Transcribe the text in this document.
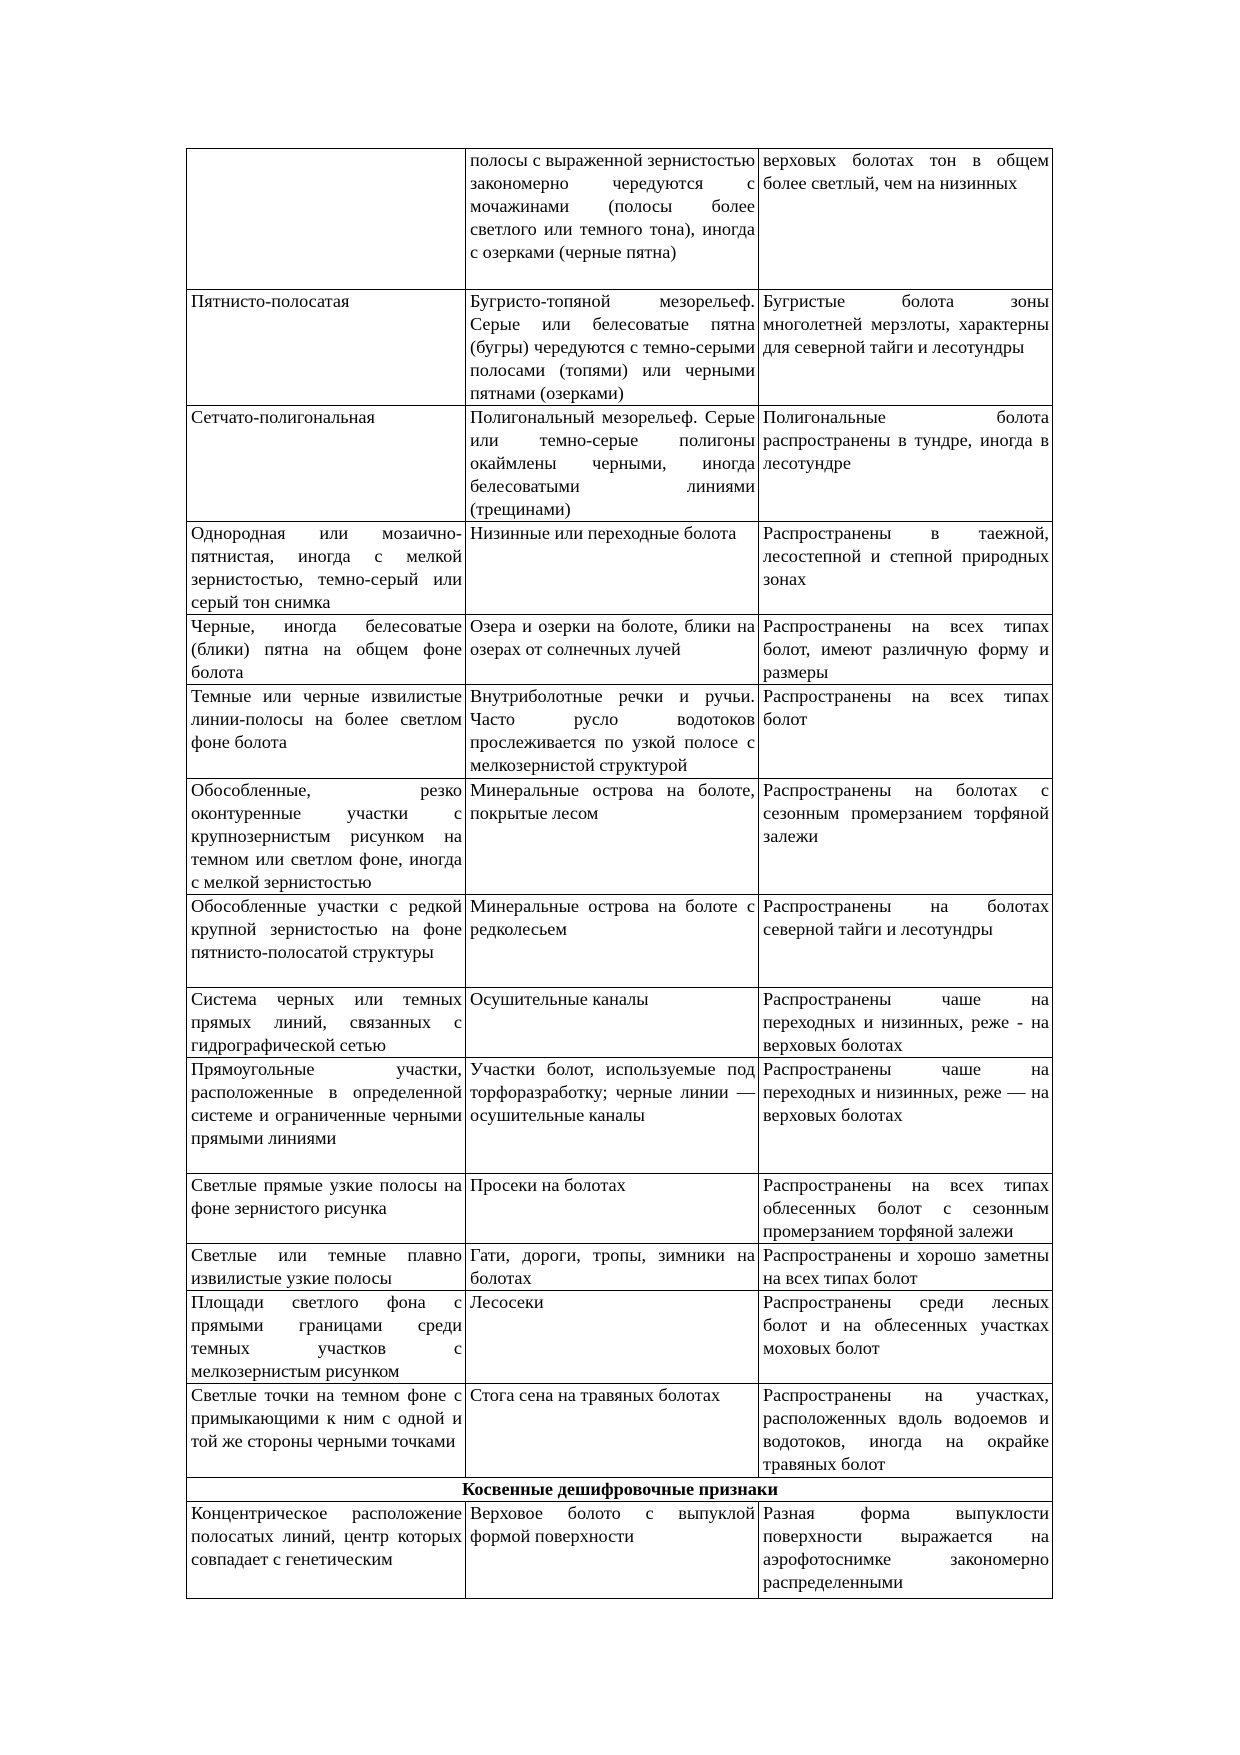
	полосы с выраженной зернистостью закономерно чередуются с мочажинами (полосы более светлого или темного тона), иногда с озерками (черные пятна)	верховых болотах тон в общем более светлый, чем на низинных
Пятнисто-полосатая	Бугристо-топяной мезорельеф. Серые или белесоватые пятна (бугры) чередуются с темно-серыми полосами (топями) или черными пятнами (озерками)	Бугристые болота зоны многолетней мерзлоты, характерны для северной тайги и лесотундры
Сетчато-полигональная	Полигональный мезорельеф. Серые или темно-серые полигоны окаймлены черными, иногда белесоватыми линиями (трещинами)	Полигональные болота распространены в тундре, иногда в лесотундре
Однородная или мозаично-пятнистая, иногда с мелкой зернистостью, темно-серый или серый тон снимка	Низинные или переходные болота	Распространены в таежной, лесостепной и степной природных зонах
Черные, иногда белесоватые (блики) пятна на общем фоне болота	Озера и озерки на болоте, блики на озерах от солнечных лучей	Распространены на всех типах болот, имеют различную форму и размеры
Темные или черные извилистые линии-полосы на более светлом фоне болота	Внутриболотные речки и ручьи. Часто русло водотоков прослеживается по узкой полосе с мелкозернистой структурой	Распространены на всех типах болот
Обособленные, резко оконтуренные участки с крупнозернистым рисунком на темном или светлом фоне, иногда с мелкой зернистостью	Минеральные острова на болоте, покрытые лесом	Распространены на болотах с сезонным промерзанием торфяной залежи
Обособленные участки с редкой крупной зернистостью на фоне пятнисто-полосатой структуры	Минеральные острова на болоте с редколесьем	Распространены на болотах северной тайги и лесотундры
Система черных или темных прямых линий, связанных с гидрографической сетью	Осушительные каналы	Распространены чаше на переходных и низинных, реже - на верховых болотах
Прямоугольные участки, расположенные в определенной системе и ограниченные черными прямыми линиями	Участки болот, используемые под торфоразработку; черные линии — осушительные каналы	Распространены чаше на переходных и низинных, реже — на верховых болотах
Светлые прямые узкие полосы на фоне зернистого рисунка	Просеки на болотах	Распространены на всех типах облесенных болот с сезонным промерзанием торфяной залежи
Светлые или темные плавно извилистые узкие полосы	Гати, дороги, тропы, зимники на болотах	Распространены и хорошо заметны на всех типах болот
Площади светлого фона с прямыми границами среди темных участков с мелкозернистым рисунком	Лесосеки	Распространены среди лесных болот и на облесенных участках моховых болот
Светлые точки на темном фоне с примыкающими к ним с одной и той же стороны черными точками	Стога сена на травяных болотах	Распространены на участках, расположенных вдоль водоемов и водотоков, иногда на окрайке травяных болот
Косвенные дешифровочные признаки		
Концентрическое расположение полосатых линий, центр которых совпадает с генетическим	Верховое болото с выпуклой формой поверхности	Разная форма выпуклости поверхности выражается на аэрофотоснимке закономерно распределенными
